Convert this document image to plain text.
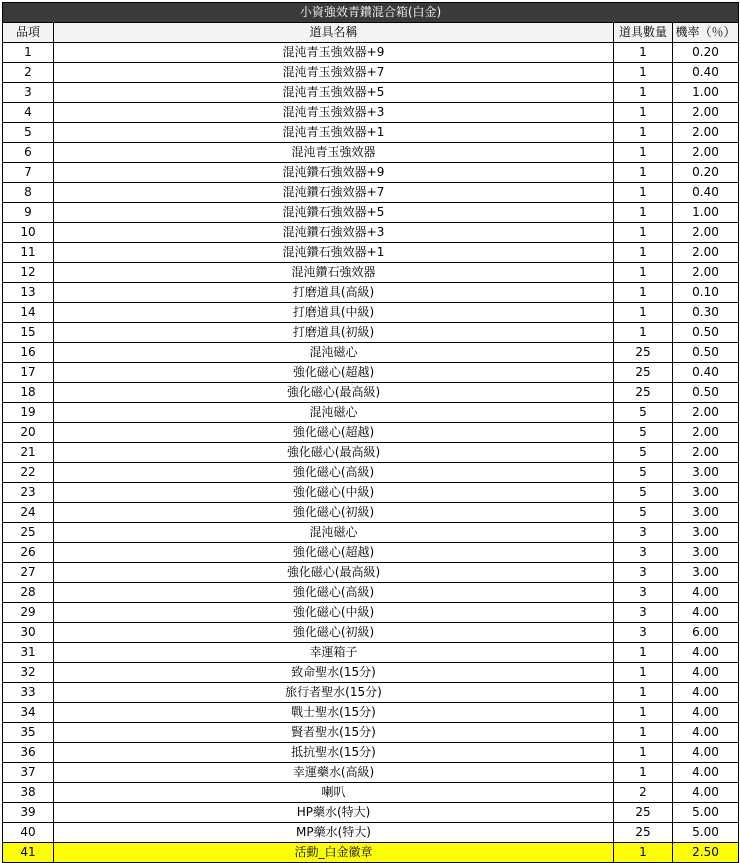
小資強效青鑽混合箱(白金)			
品項	道具名稱	道具數量	機率（％）
1	混沌青玉強效器+9	1	0.20
2	混沌青玉強效器+7	1	0.40
3	混沌青玉強效器+5	1	1.00
4	混沌青玉強效器+3	1	2.00
5	混沌青玉強效器+1	1	2.00
6	混沌青玉強效器	1	2.00
7	混沌鑽石強效器+9	1	0.20
8	混沌鑽石強效器+7	1	0.40
9	混沌鑽石強效器+5	1	1.00
10	混沌鑽石強效器+3	1	2.00
11	混沌鑽石強效器+1	1	2.00
12	混沌鑽石強效器	1	2.00
13	打磨道具(高級)	1	0.10
14	打磨道具(中級)	1	0.30
15	打磨道具(初級)	1	0.50
16	混沌磁心	25	0.50
17	強化磁心(超越)	25	0.40
18	強化磁心(最高級)	25	0.50
19	混沌磁心	5	2.00
20	強化磁心(超越)	5	2.00
21	強化磁心(最高級)	5	2.00
22	強化磁心(高級)	5	3.00
23	強化磁心(中級)	5	3.00
24	強化磁心(初級)	5	3.00
25	混沌磁心	3	3.00
26	強化磁心(超越)	3	3.00
27	強化磁心(最高級)	3	3.00
28	強化磁心(高級)	3	4.00
29	強化磁心(中級)	3	4.00
30	強化磁心(初級)	3	6.00
31	幸運箱子	1	4.00
32	致命聖水(15分)	1	4.00
33	旅行者聖水(15分)	1	4.00
34	戰士聖水(15分)	1	4.00
35	賢者聖水(15分)	1	4.00
36	抵抗聖水(15分)	1	4.00
37	幸運藥水(高級)	1	4.00
38	喇叭	2	4.00
39	HP藥水(特大)	25	5.00
40	MP藥水(特大)	25	5.00
41	活動_白金徽章	1	2.50
